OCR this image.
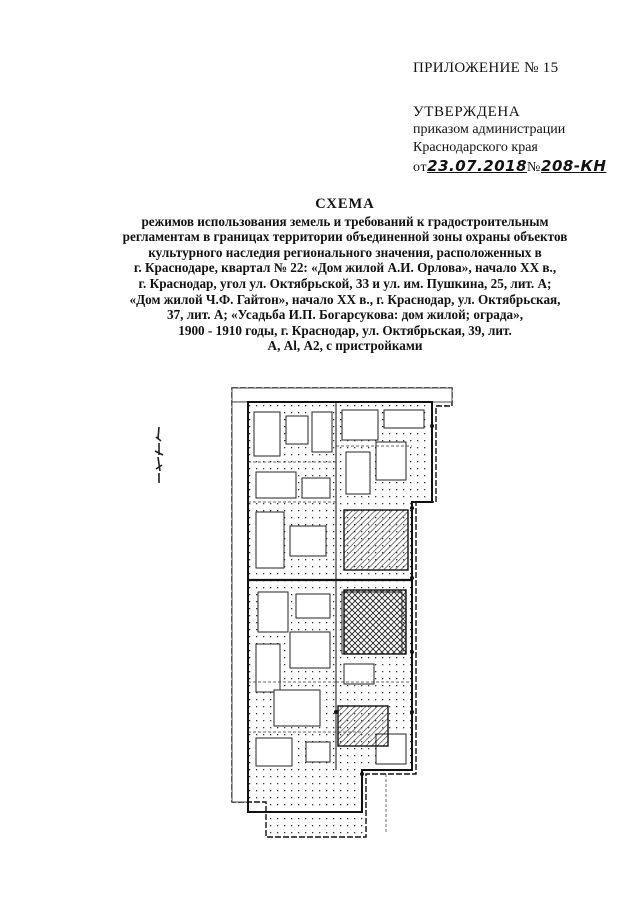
ПРИЛОЖЕНИЕ № 15
УТВЕРЖДЕНА
приказом администрации
Краснодарского края
от23.07.2018№208-КН
СХЕМА
режимов использования земель и требований к градостроительным
регламентам в границах территории объединенной зоны охраны объектов
культурного наследия регионального значения, расположенных в
г. Краснодаре, квартал № 22: «Дом жилой А.И. Орлова», начало XX в.,
г. Краснодар, угол ул. Октябрьской, 33 и ул. им. Пушкина, 25, лит. А;
«Дом жилой Ч.Ф. Гайтон», начало XX в., г. Краснодар, ул. Октябрьская,
37, лит. А; «Усадьба И.П. Богарсукова: дом жилой; ограда»,
1900 - 1910 годы, г. Краснодар, ул. Октябрьская, 39, лит.
А, Al, А2, с пристройками
